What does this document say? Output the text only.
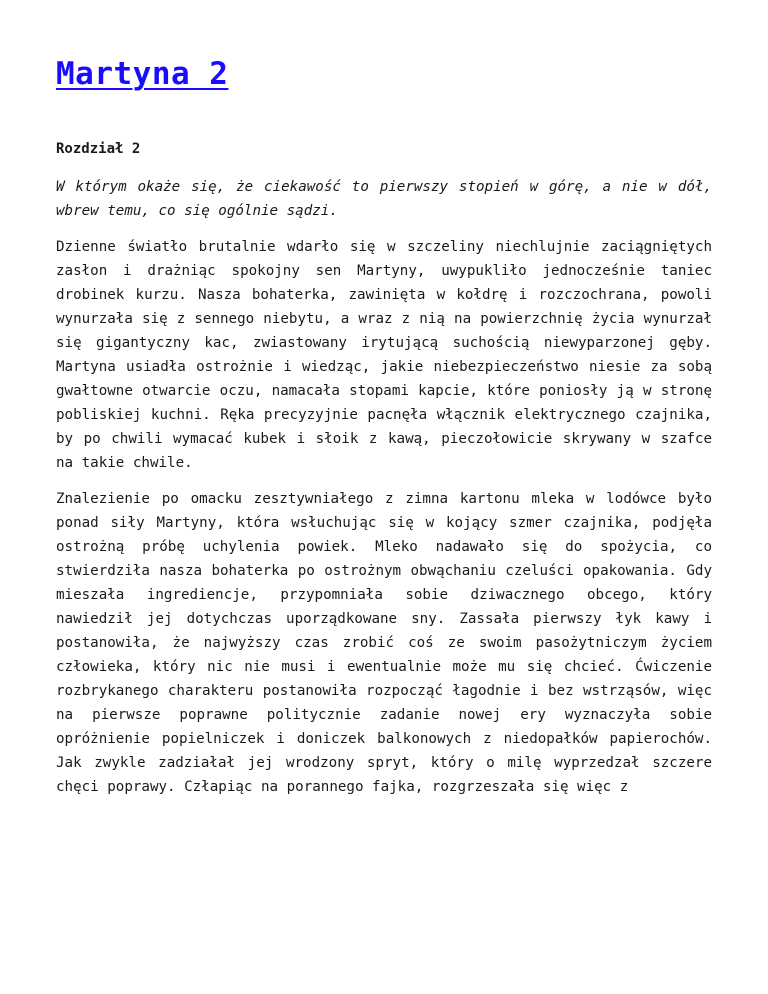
Martyna 2
Rozdział 2
W którym okaże się, że ciekawość to pierwszy stopień w górę, a nie w dół, wbrew temu, co się ogólnie sądzi.
Dzienne światło brutalnie wdarło się w szczeliny niechlujnie zaciągniętych zasłon i drażniąc spokojny sen Martyny, uwypukliło jednocześnie taniec drobinek kurzu. Nasza bohaterka, zawinięta w kołdrę i rozczochrana, powoli wynurzała się z sennego niebytu, a wraz z nią na powierzchnię życia wynurzał się gigantyczny kac, zwiastowany irytującą suchością niewyparzonej gęby. Martyna usiadła ostrożnie i wiedząc, jakie niebezpieczeństwo niesie za sobą gwałtowne otwarcie oczu, namacała stopami kapcie, które poniosły ją w stronę pobliskiej kuchni. Ręka precyzyjnie pacnęła włącznik elektrycznego czajnika, by po chwili wymacać kubek i słoik z kawą, pieczołowicie skrywany w szafce na takie chwile.
Znalezienie po omacku zesztywniałego z zimna kartonu mleka w lodówce było ponad siły Martyny, która wsłuchując się w kojący szmer czajnika, podjęła ostrożną próbę uchylenia powiek. Mleko nadawało się do spożycia, co stwierdziła nasza bohaterka po ostrożnym obwąchaniu czeluści opakowania. Gdy mieszała ingrediencje, przypomniała sobie dziwacznego obcego, który nawiedził jej dotychczas uporządkowane sny. Zassała pierwszy łyk kawy i postanowiła, że najwyższy czas zrobić coś ze swoim pasożytniczym życiem człowieka, który nic nie musi i ewentualnie może mu się chcieć. Ćwiczenie rozbrykanego charakteru postanowiła rozpocząć łagodnie i bez wstrząsów, więc na pierwsze poprawne politycznie zadanie nowej ery wyznaczyła sobie opróżnienie popielniczek i doniczek balkonowych z niedopałków papierochów. Jak zwykle zadziałał jej wrodzony spryt, który o milę wyprzedzał szczere chęci poprawy. Człapiąc na porannego fajka, rozgrzeszała się więc z
